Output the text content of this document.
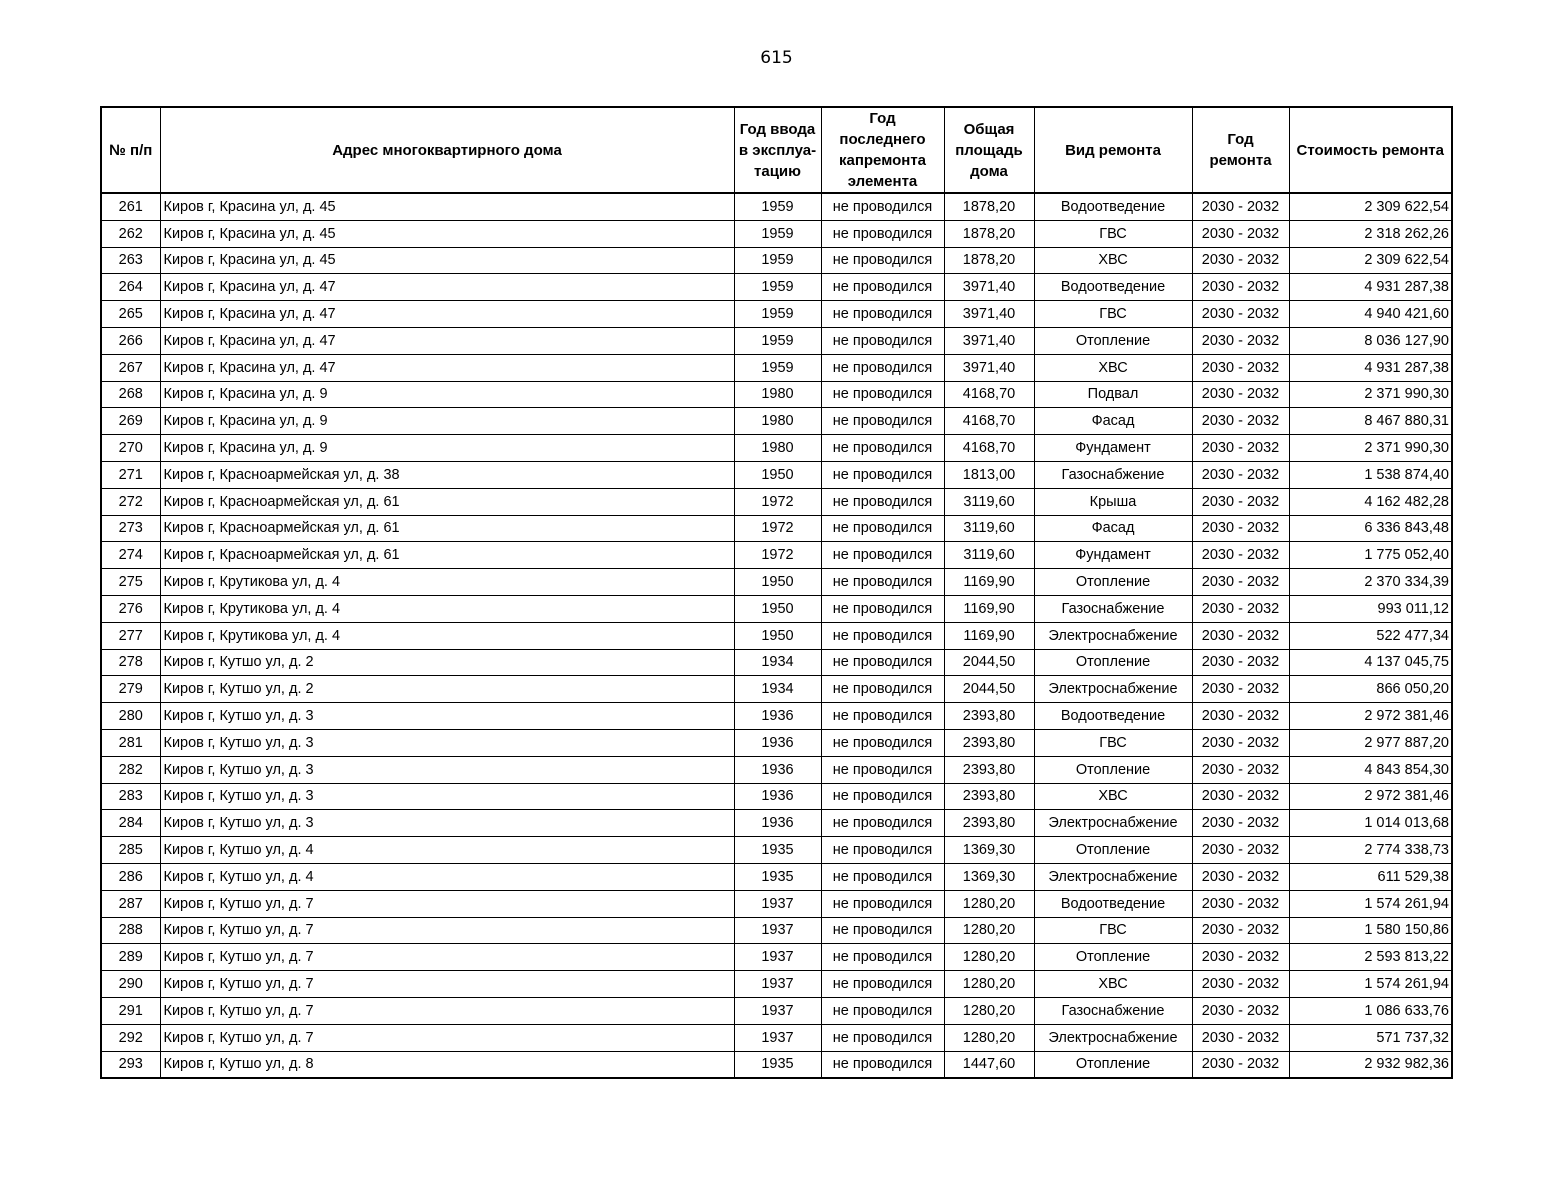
615
№ п/п	Адрес многоквартирного дома	Год ввода в эксплуа-тацию	Год последнего капремонта элемента	Общая площадь дома	Вид ремонта	Год ремонта	Стоимость ремонта
261	Киров г, Красина ул, д. 45	1959	не проводился	1878,20	Водоотведение	2030 - 2032	2 309 622,54
262	Киров г, Красина ул, д. 45	1959	не проводился	1878,20	ГВС	2030 - 2032	2 318 262,26
263	Киров г, Красина ул, д. 45	1959	не проводился	1878,20	ХВС	2030 - 2032	2 309 622,54
264	Киров г, Красина ул, д. 47	1959	не проводился	3971,40	Водоотведение	2030 - 2032	4 931 287,38
265	Киров г, Красина ул, д. 47	1959	не проводился	3971,40	ГВС	2030 - 2032	4 940 421,60
266	Киров г, Красина ул, д. 47	1959	не проводился	3971,40	Отопление	2030 - 2032	8 036 127,90
267	Киров г, Красина ул, д. 47	1959	не проводился	3971,40	ХВС	2030 - 2032	4 931 287,38
268	Киров г, Красина ул, д. 9	1980	не проводился	4168,70	Подвал	2030 - 2032	2 371 990,30
269	Киров г, Красина ул, д. 9	1980	не проводился	4168,70	Фасад	2030 - 2032	8 467 880,31
270	Киров г, Красина ул, д. 9	1980	не проводился	4168,70	Фундамент	2030 - 2032	2 371 990,30
271	Киров г, Красноармейская ул, д. 38	1950	не проводился	1813,00	Газоснабжение	2030 - 2032	1 538 874,40
272	Киров г, Красноармейская ул, д. 61	1972	не проводился	3119,60	Крыша	2030 - 2032	4 162 482,28
273	Киров г, Красноармейская ул, д. 61	1972	не проводился	3119,60	Фасад	2030 - 2032	6 336 843,48
274	Киров г, Красноармейская ул, д. 61	1972	не проводился	3119,60	Фундамент	2030 - 2032	1 775 052,40
275	Киров г, Крутикова ул, д. 4	1950	не проводился	1169,90	Отопление	2030 - 2032	2 370 334,39
276	Киров г, Крутикова ул, д. 4	1950	не проводился	1169,90	Газоснабжение	2030 - 2032	993 011,12
277	Киров г, Крутикова ул, д. 4	1950	не проводился	1169,90	Электроснабжение	2030 - 2032	522 477,34
278	Киров г, Кутшо ул, д. 2	1934	не проводился	2044,50	Отопление	2030 - 2032	4 137 045,75
279	Киров г, Кутшо ул, д. 2	1934	не проводился	2044,50	Электроснабжение	2030 - 2032	866 050,20
280	Киров г, Кутшо ул, д. 3	1936	не проводился	2393,80	Водоотведение	2030 - 2032	2 972 381,46
281	Киров г, Кутшо ул, д. 3	1936	не проводился	2393,80	ГВС	2030 - 2032	2 977 887,20
282	Киров г, Кутшо ул, д. 3	1936	не проводился	2393,80	Отопление	2030 - 2032	4 843 854,30
283	Киров г, Кутшо ул, д. 3	1936	не проводился	2393,80	ХВС	2030 - 2032	2 972 381,46
284	Киров г, Кутшо ул, д. 3	1936	не проводился	2393,80	Электроснабжение	2030 - 2032	1 014 013,68
285	Киров г, Кутшо ул, д. 4	1935	не проводился	1369,30	Отопление	2030 - 2032	2 774 338,73
286	Киров г, Кутшо ул, д. 4	1935	не проводился	1369,30	Электроснабжение	2030 - 2032	611 529,38
287	Киров г, Кутшо ул, д. 7	1937	не проводился	1280,20	Водоотведение	2030 - 2032	1 574 261,94
288	Киров г, Кутшо ул, д. 7	1937	не проводился	1280,20	ГВС	2030 - 2032	1 580 150,86
289	Киров г, Кутшо ул, д. 7	1937	не проводился	1280,20	Отопление	2030 - 2032	2 593 813,22
290	Киров г, Кутшо ул, д. 7	1937	не проводился	1280,20	ХВС	2030 - 2032	1 574 261,94
291	Киров г, Кутшо ул, д. 7	1937	не проводился	1280,20	Газоснабжение	2030 - 2032	1 086 633,76
292	Киров г, Кутшо ул, д. 7	1937	не проводился	1280,20	Электроснабжение	2030 - 2032	571 737,32
293	Киров г, Кутшо ул, д. 8	1935	не проводился	1447,60	Отопление	2030 - 2032	2 932 982,36
